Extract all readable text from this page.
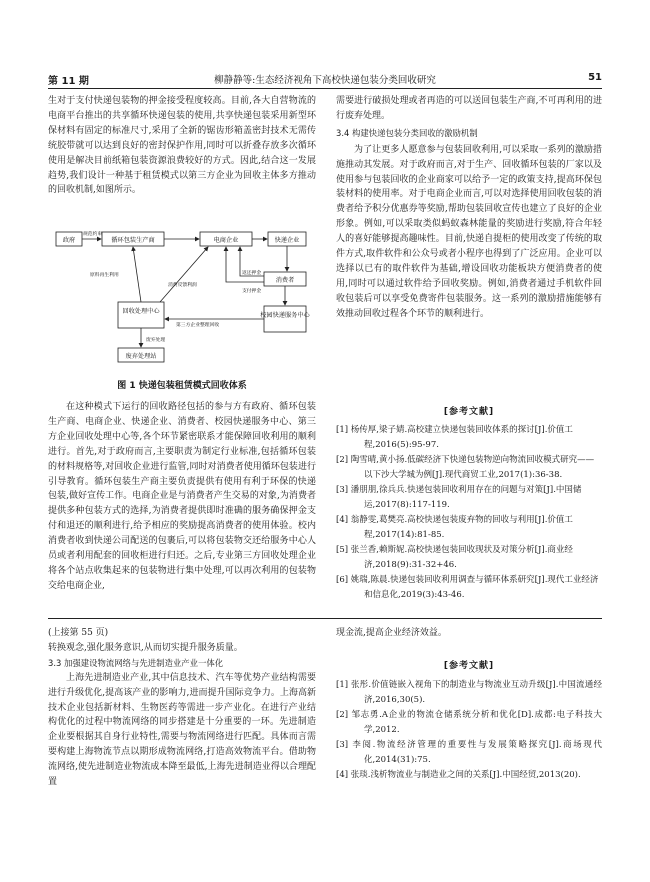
第 11 期	柳静静等:生态经济视角下高校快递包装分类回收研究	51

生对于支付快递包装物的押金接受程度较高。目前,各大自营物流的电商平台推出的共享循环快递包装的使用,共享快递包装采用新型环保材料有固定的标准尺寸,采用了全新的锯齿形箱盖密封技术无需传统胶带就可以达到良好的密封保护作用,同时可以折叠存放多次循环使用是解决目前纸箱包装资源浪费较好的方式。因此,结合这一发展趋势,我们设计一种基于租赁模式以第三方企业为回收主体多方推动的回收机制,如图所示。

政府	循环包装生产商	电商企业	快递企业
消费者
回收处理中心
校园快递服务中心
废弃处理站
规范约束
返还押金
支付押金
原料再生利用
消费反馈利润
第三方企业整理回收
废弃处理
图 1 快递包装租赁模式回收体系

在这种模式下运行的回收路径包括的参与方有政府、循环包装生产商、电商企业、快递企业、消费者、校园快递服务中心、第三方企业回收处理中心等,各个环节紧密联系才能保障回收利用的顺利进行。首先,对于政府而言,主要职责为制定行业标准,包括循环包装的材料规格等,对回收企业进行监管,同时对消费者使用循环包装进行引导教育。循环包装生产商主要负责提供有使用有利于环保的快递包装,做好宣传工作。电商企业是与消费者产生交易的对象,为消费者提供多种包装方式的选择,为消费者提供即时准确的服务确保押金支付和退还的顺利进行,给予相应的奖励提高消费者的使用体验。校内消费者收到快递公司配送的包裹后,可以将包装物交还给服务中心人员或者利用配套的回收柜进行归还。之后,专业第三方回收处理企业将各个站点收集起来的包装物进行集中处理,可以再次利用的包装物交给电商企业,

需要进行破损处理或者再造的可以送回包装生产商,不可再利用的进行废弃处理。

3.4 构建快递包装分类回收的激励机制

为了让更多人愿意参与包装回收利用,可以采取一系列的激励措施推动其发展。对于政府而言,对于生产、回收循环包装的厂家以及使用参与包装回收的企业商家可以给予一定的政策支持,提高环保包装材料的使用率。对于电商企业而言,可以对选择使用回收包装的消费者给予积分优惠券等奖励,帮助包装回收宣传也建立了良好的企业形象。例如,可以采取类似蚂蚁森林能量的奖励进行奖励,符合年轻人的喜好能够提高趣味性。目前,快递自提柜的使用改变了传统的取件方式,取件软件和公众号或者小程序也得到了广泛应用。企业可以选择以已有的取件软件为基础,增设回收功能板块方便消费者的使用,同时可以通过软件给予回收奖励。例如,消费者通过手机软件回收包装后可以享受免费寄件包装服务。这一系列的激励措施能够有效推动回收过程各个环节的顺利进行。

[参考文献]
[1] 杨传厚,梁子婧.高校建立快递包装回收体系的探讨[J].价值工程,2016(5):95-97.
[2] 陶雪晴,黄小扬.低碳经济下快递包装物逆向物流回收模式研究——以下沙大学城为例[J].现代商贸工业,2017(1):36-38.
[3] 潘朋朋,徐兵兵.快递包装回收利用存在的问题与对策[J].中国储运,2017(8):117-119.
[4] 翁静雯,葛樊亮.高校快递包装废弃物的回收与利用[J].价值工程,2017(14):81-85.
[5] 张兰香,赖斯妮.高校快递包装回收现状及对策分析[J].商业经济,2018(9):31-32+46.
[6] 姚瑞,陈晨.快递包装回收利用调查与循环体系研究[J].现代工业经济和信息化,2019(3):43-46.

(上接第 55 页)

转换观念,强化服务意识,从而切实提升服务质量。

3.3 加强建设物流网络与先进制造业产业一体化

上海先进制造业产业,其中信息技术、汽车等优势产业结构需要进行升级优化,提高该产业的影响力,进而提升国际竞争力。上海高新技术企业包括新材料、生物医药等需进一步产业化。在进行产业结构优化的过程中物流网络的同步搭建是十分重要的一环。先进制造企业要根据其自身行业特性,需要与物流网络进行匹配。具体而言需要构建上海物流节点以期形成物流网络,打造高效物流平台。借助物流网络,使先进制造业物流成本降至最低,上海先进制造业得以合理配置

现金流,提高企业经济效益。

[参考文献]
[1] 张彤.价值链嵌入视角下的制造业与物流业互动升级[J].中国流通经济,2016,30(5).
[2] 邹志勇.A企业的物流仓储系统分析和优化[D].成都:电子科技大学,2012.
[3] 李阅.物流经济管理的重要性与发展策略探究[J].商场现代化,2014(31):75.
[4] 张琰.浅析物流业与制造业之间的关系[J].中国经贸,2013(20).
